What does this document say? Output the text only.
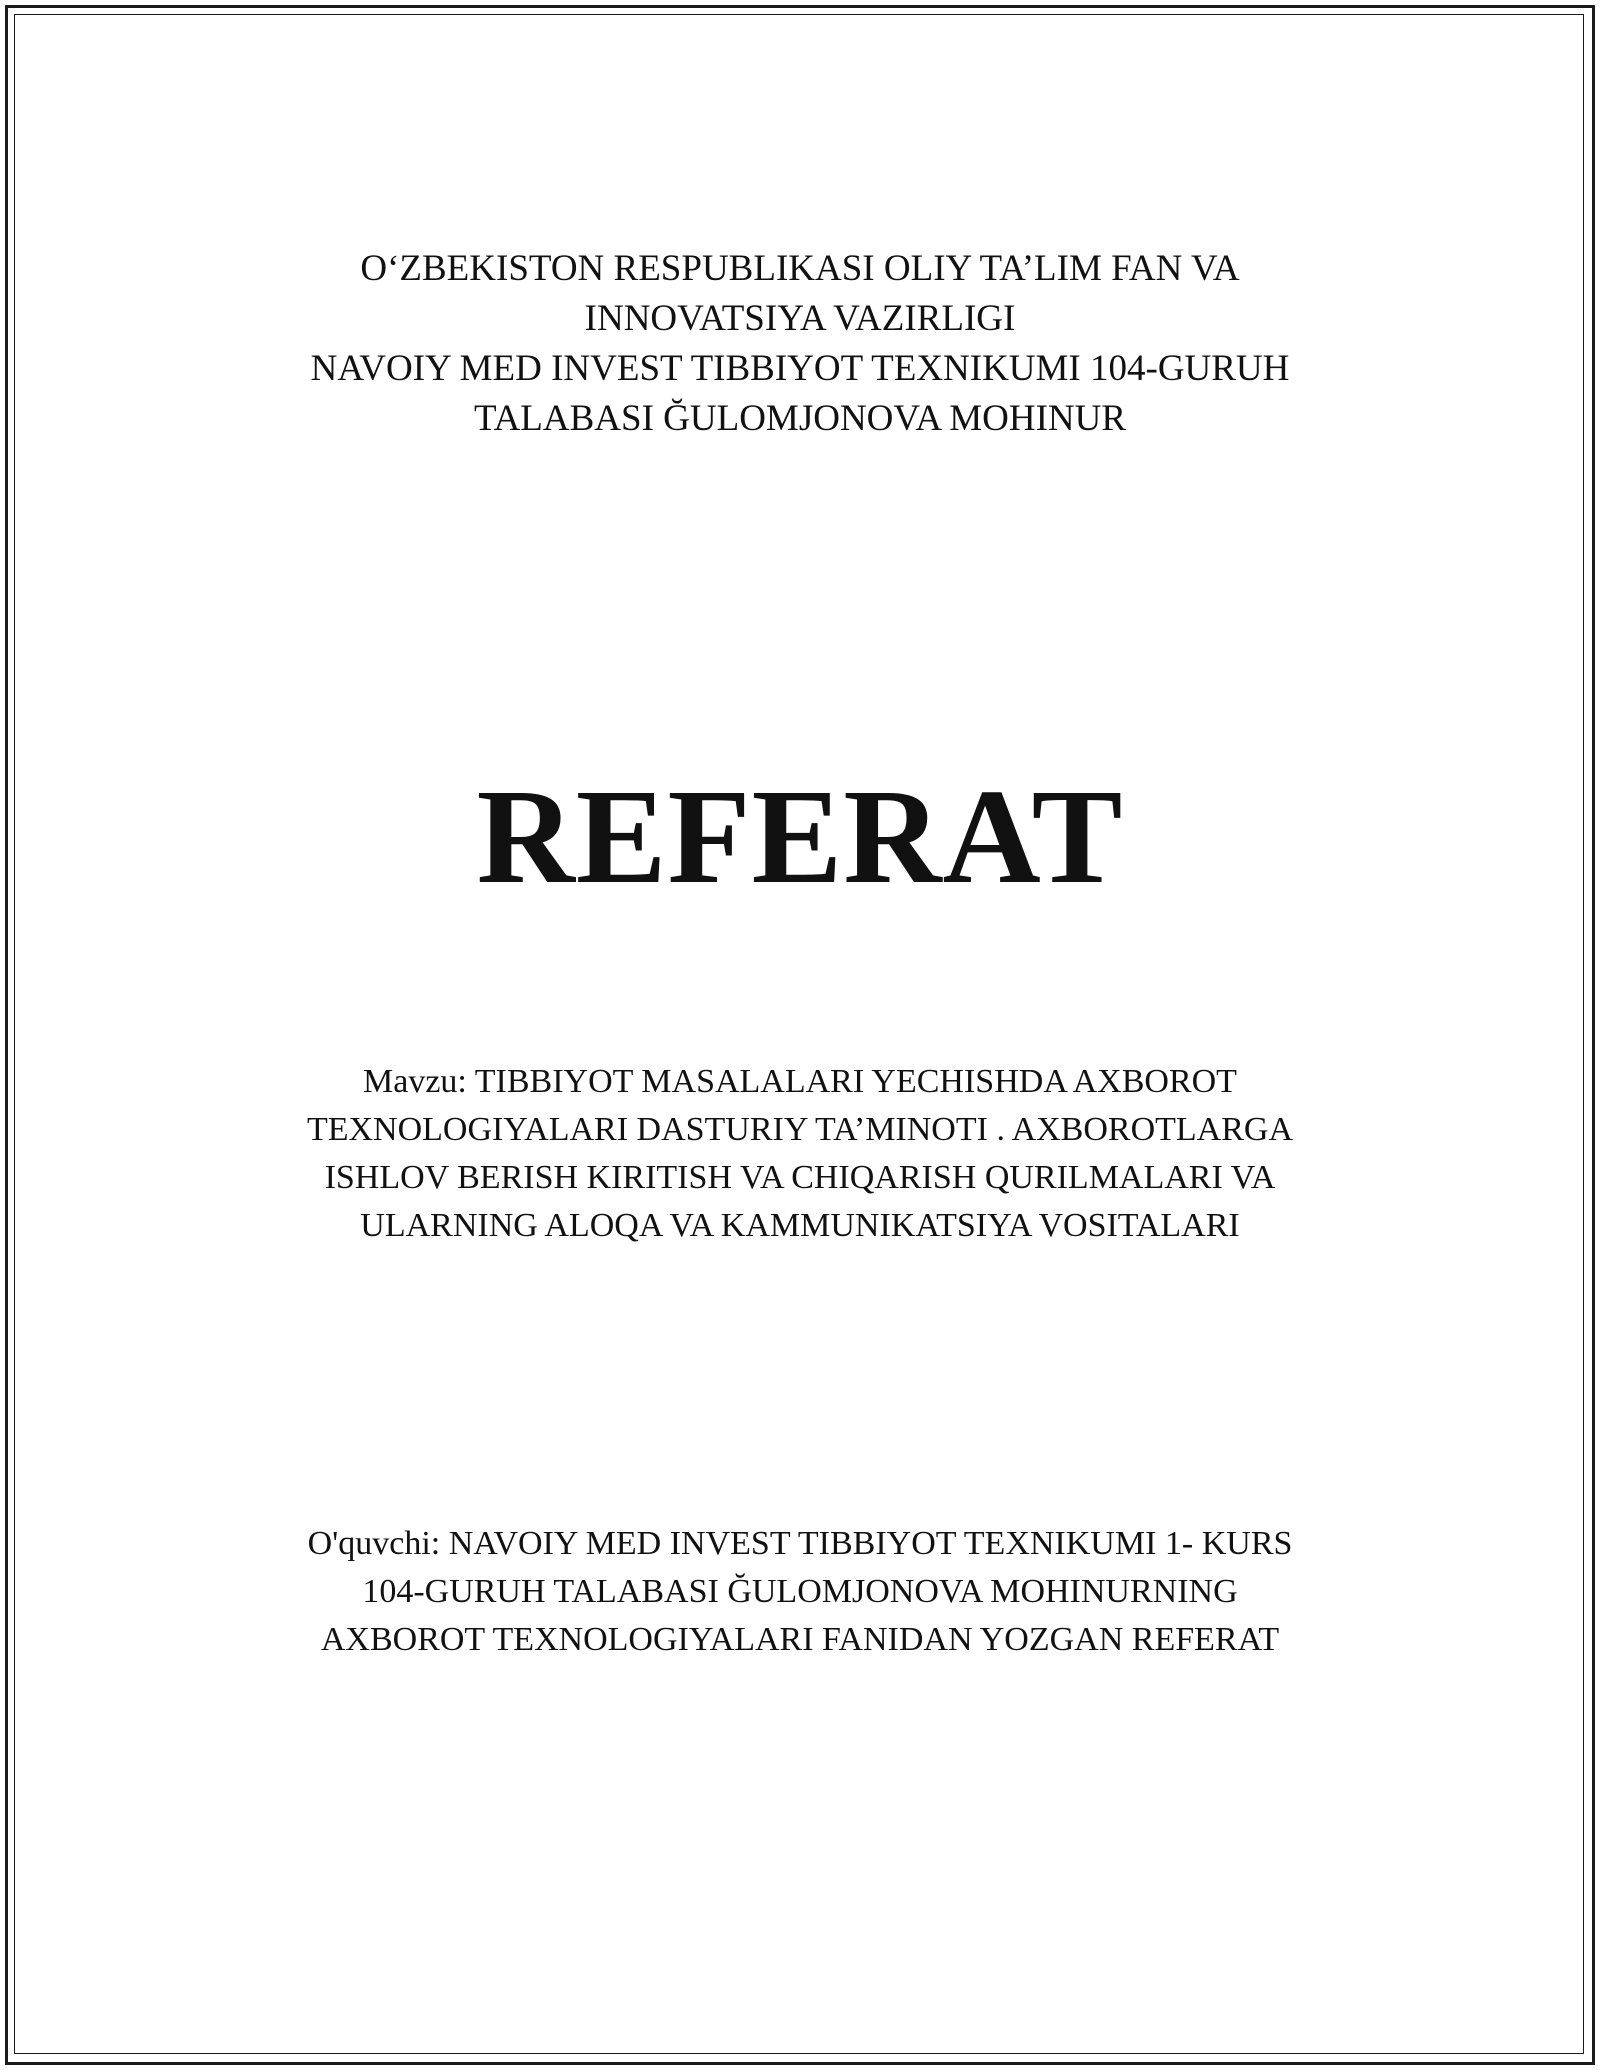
O‘ZBEKISTON RESPUBLIKASI OLIY TA’LIM FAN VA
INNOVATSIYA VAZIRLIGI
NAVOIY MED INVEST TIBBIYOT TEXNIKUMI 104-GURUH
TALABASI ĞULOMJONOVA MOHINUR
REFERAT
Mavzu: TIBBIYOT MASALALARI YECHISHDA AXBOROT
TEXNOLOGIYALARI DASTURIY TA’MINOTI . AXBOROTLARGA
ISHLOV BERISH KIRITISH VA CHIQARISH QURILMALARI VA
ULARNING ALOQA VA KAMMUNIKATSIYA VOSITALARI
O'quvchi: NAVOIY MED INVEST TIBBIYOT TEXNIKUMI 1- KURS
104-GURUH TALABASI ĞULOMJONOVA MOHINURNING
AXBOROT TEXNOLOGIYALARI FANIDAN YOZGAN REFERAT
